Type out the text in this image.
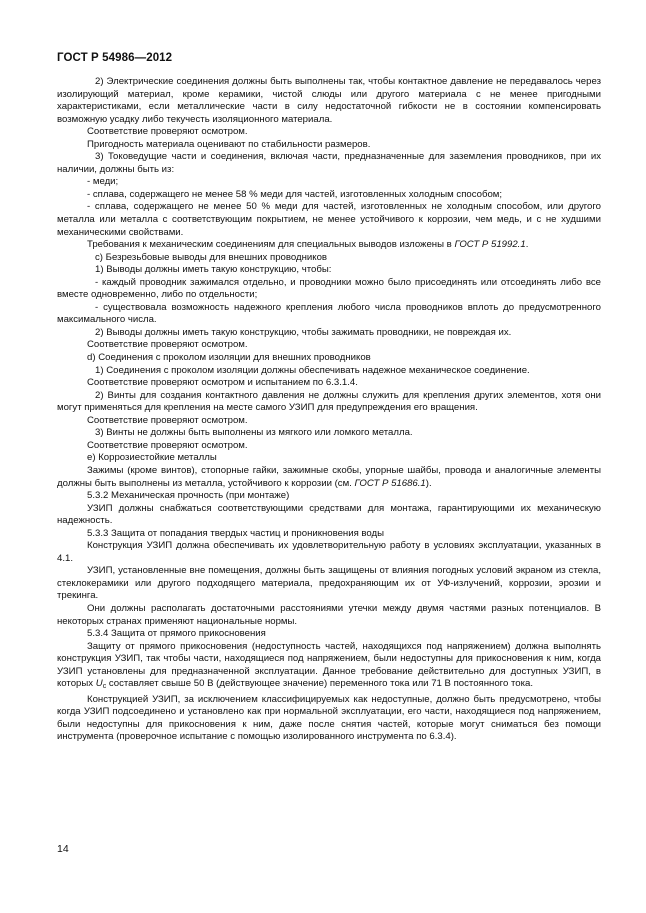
ГОСТ Р 54986—2012

2) Электрические соединения должны быть выполнены так, чтобы контактное давление не передавалось через изолирующий материал, кроме керамики, чистой слюды или другого материала с не менее пригодными характеристиками, если металлические части в силу недостаточной гибкости не в состоянии компенсировать возможную усадку либо текучесть изоляционного материала.

Соответствие проверяют осмотром.

Пригодность материала оценивают по стабильности размеров.

3) Токоведущие части и соединения, включая части, предназначенные для заземления проводников, при их наличии, должны быть из:

- меди;

- сплава, содержащего не менее 58 % меди для частей, изготовленных холодным способом;

- сплава, содержащего не менее 50 % меди для частей, изготовленных не холодным способом, или другого металла или металла с соответствующим покрытием, не менее устойчивого к коррозии, чем медь, и с не худшими механическими свойствами.

Требования к механическим соединениям для специальных выводов изложены в ГОСТ Р 51992.1.

c) Безрезьбовые выводы для внешних проводников

1) Выводы должны иметь такую конструкцию, чтобы:

- каждый проводник зажимался отдельно, и проводники можно было присоединять или отсоединять либо все вместе одновременно, либо по отдельности;

- существовала возможность надежного крепления любого числа проводников вплоть до предусмотренного максимального числа.

2) Выводы должны иметь такую конструкцию, чтобы зажимать проводники, не повреждая их.

Соответствие проверяют осмотром.

d) Соединения с проколом изоляции для внешних проводников

1) Соединения с проколом изоляции должны обеспечивать надежное механическое соединение.

Соответствие проверяют осмотром и испытанием по 6.3.1.4.

2) Винты для создания контактного давления не должны служить для крепления других элементов, хотя они могут применяться для крепления на месте самого УЗИП для предупреждения его вращения.

Соответствие проверяют осмотром.

3) Винты не должны быть выполнены из мягкого или ломкого металла.

Соответствие проверяют осмотром.

e) Коррозиестойкие металлы

Зажимы (кроме винтов), стопорные гайки, зажимные скобы, упорные шайбы, провода и аналогичные элементы должны быть выполнены из металла, устойчивого к коррозии (см. ГОСТ Р 51686.1).

5.3.2 Механическая прочность (при монтаже)

УЗИП должны снабжаться соответствующими средствами для монтажа, гарантирующими их механическую надежность.

5.3.3 Защита от попадания твердых частиц и проникновения воды

Конструкция УЗИП должна обеспечивать их удовлетворительную работу в условиях эксплуатации, указанных в 4.1.

УЗИП, установленные вне помещения, должны быть защищены от влияния погодных условий экраном из стекла, стеклокерамики или другого подходящего материала, предохраняющим их от УФ-излучений, коррозии, эрозии и трекинга.

Они должны располагать достаточными расстояниями утечки между двумя частями разных потенциалов. В некоторых странах применяют национальные нормы.

5.3.4 Защита от прямого прикосновения

Защиту от прямого прикосновения (недоступность частей, находящихся под напряжением) должна выполнять конструкция УЗИП, так чтобы части, находящиеся под напряжением, были недоступны для прикосновения к ним, когда УЗИП установлены для предназначенной эксплуатации. Данное требование действительно для доступных УЗИП, в которых $U_c$ составляет свыше 50 В (действующее значение) переменного тока или 71 В постоянного тока.

Конструкцией УЗИП, за исключением классифицируемых как недоступные, должно быть предусмотрено, чтобы когда УЗИП подсоединено и установлено как при нормальной эксплуатации, его части, находящиеся под напряжением, были недоступны для прикосновения к ним, даже после снятия частей, которые могут сниматься без помощи инструмента (проверочное испытание с помощью изолированного инструмента по 6.3.4).

14
